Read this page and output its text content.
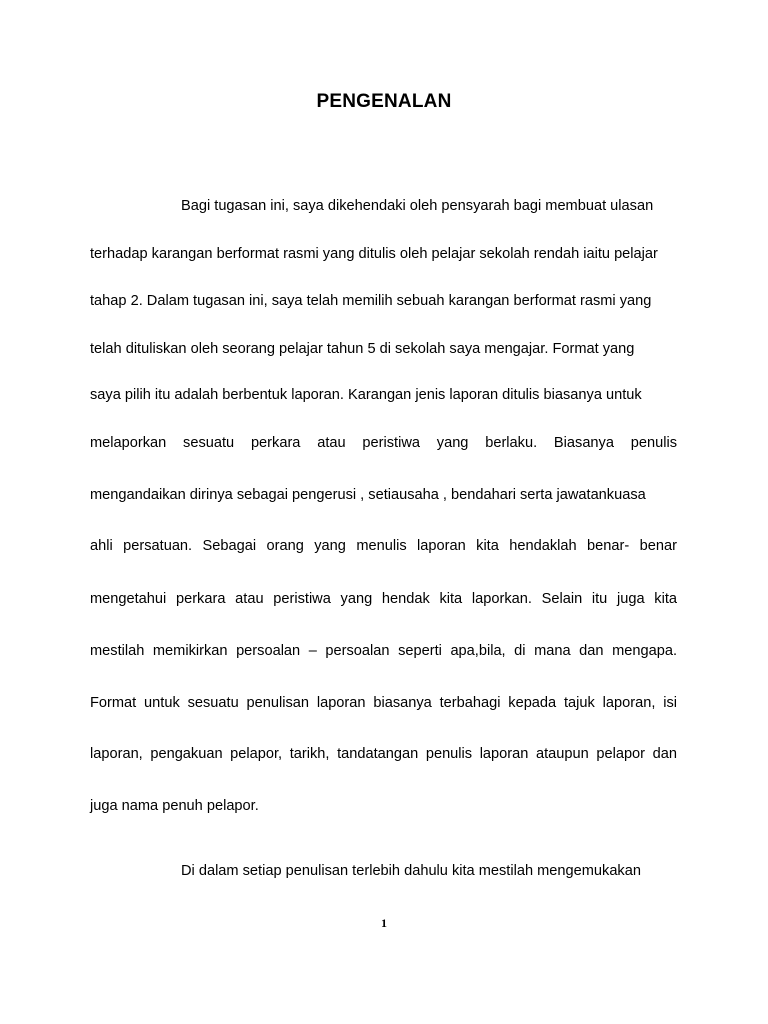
PENGENALAN
Bagi tugasan ini, saya dikehendaki oleh pensyarah bagi membuat ulasan
terhadap karangan berformat rasmi yang ditulis oleh pelajar sekolah rendah iaitu pelajar
tahap 2. Dalam tugasan ini, saya telah memilih sebuah karangan berformat rasmi yang
telah dituliskan oleh seorang pelajar tahun 5 di sekolah saya mengajar. Format yang
saya pilih itu adalah berbentuk laporan. Karangan jenis laporan ditulis biasanya untuk
melaporkan sesuatu perkara atau peristiwa yang berlaku. Biasanya penulis
mengandaikan dirinya sebagai pengerusi , setiausaha , bendahari serta jawatankuasa
ahli persatuan. Sebagai orang yang menulis laporan kita hendaklah benar- benar
mengetahui perkara atau peristiwa yang hendak kita laporkan. Selain itu juga kita
mestilah memikirkan persoalan – persoalan seperti apa,bila, di mana dan mengapa.
Format untuk sesuatu penulisan laporan biasanya terbahagi kepada tajuk laporan, isi
laporan, pengakuan pelapor, tarikh, tandatangan penulis laporan ataupun pelapor dan
juga nama penuh pelapor.
Di dalam setiap penulisan terlebih dahulu kita mestilah mengemukakan
1
